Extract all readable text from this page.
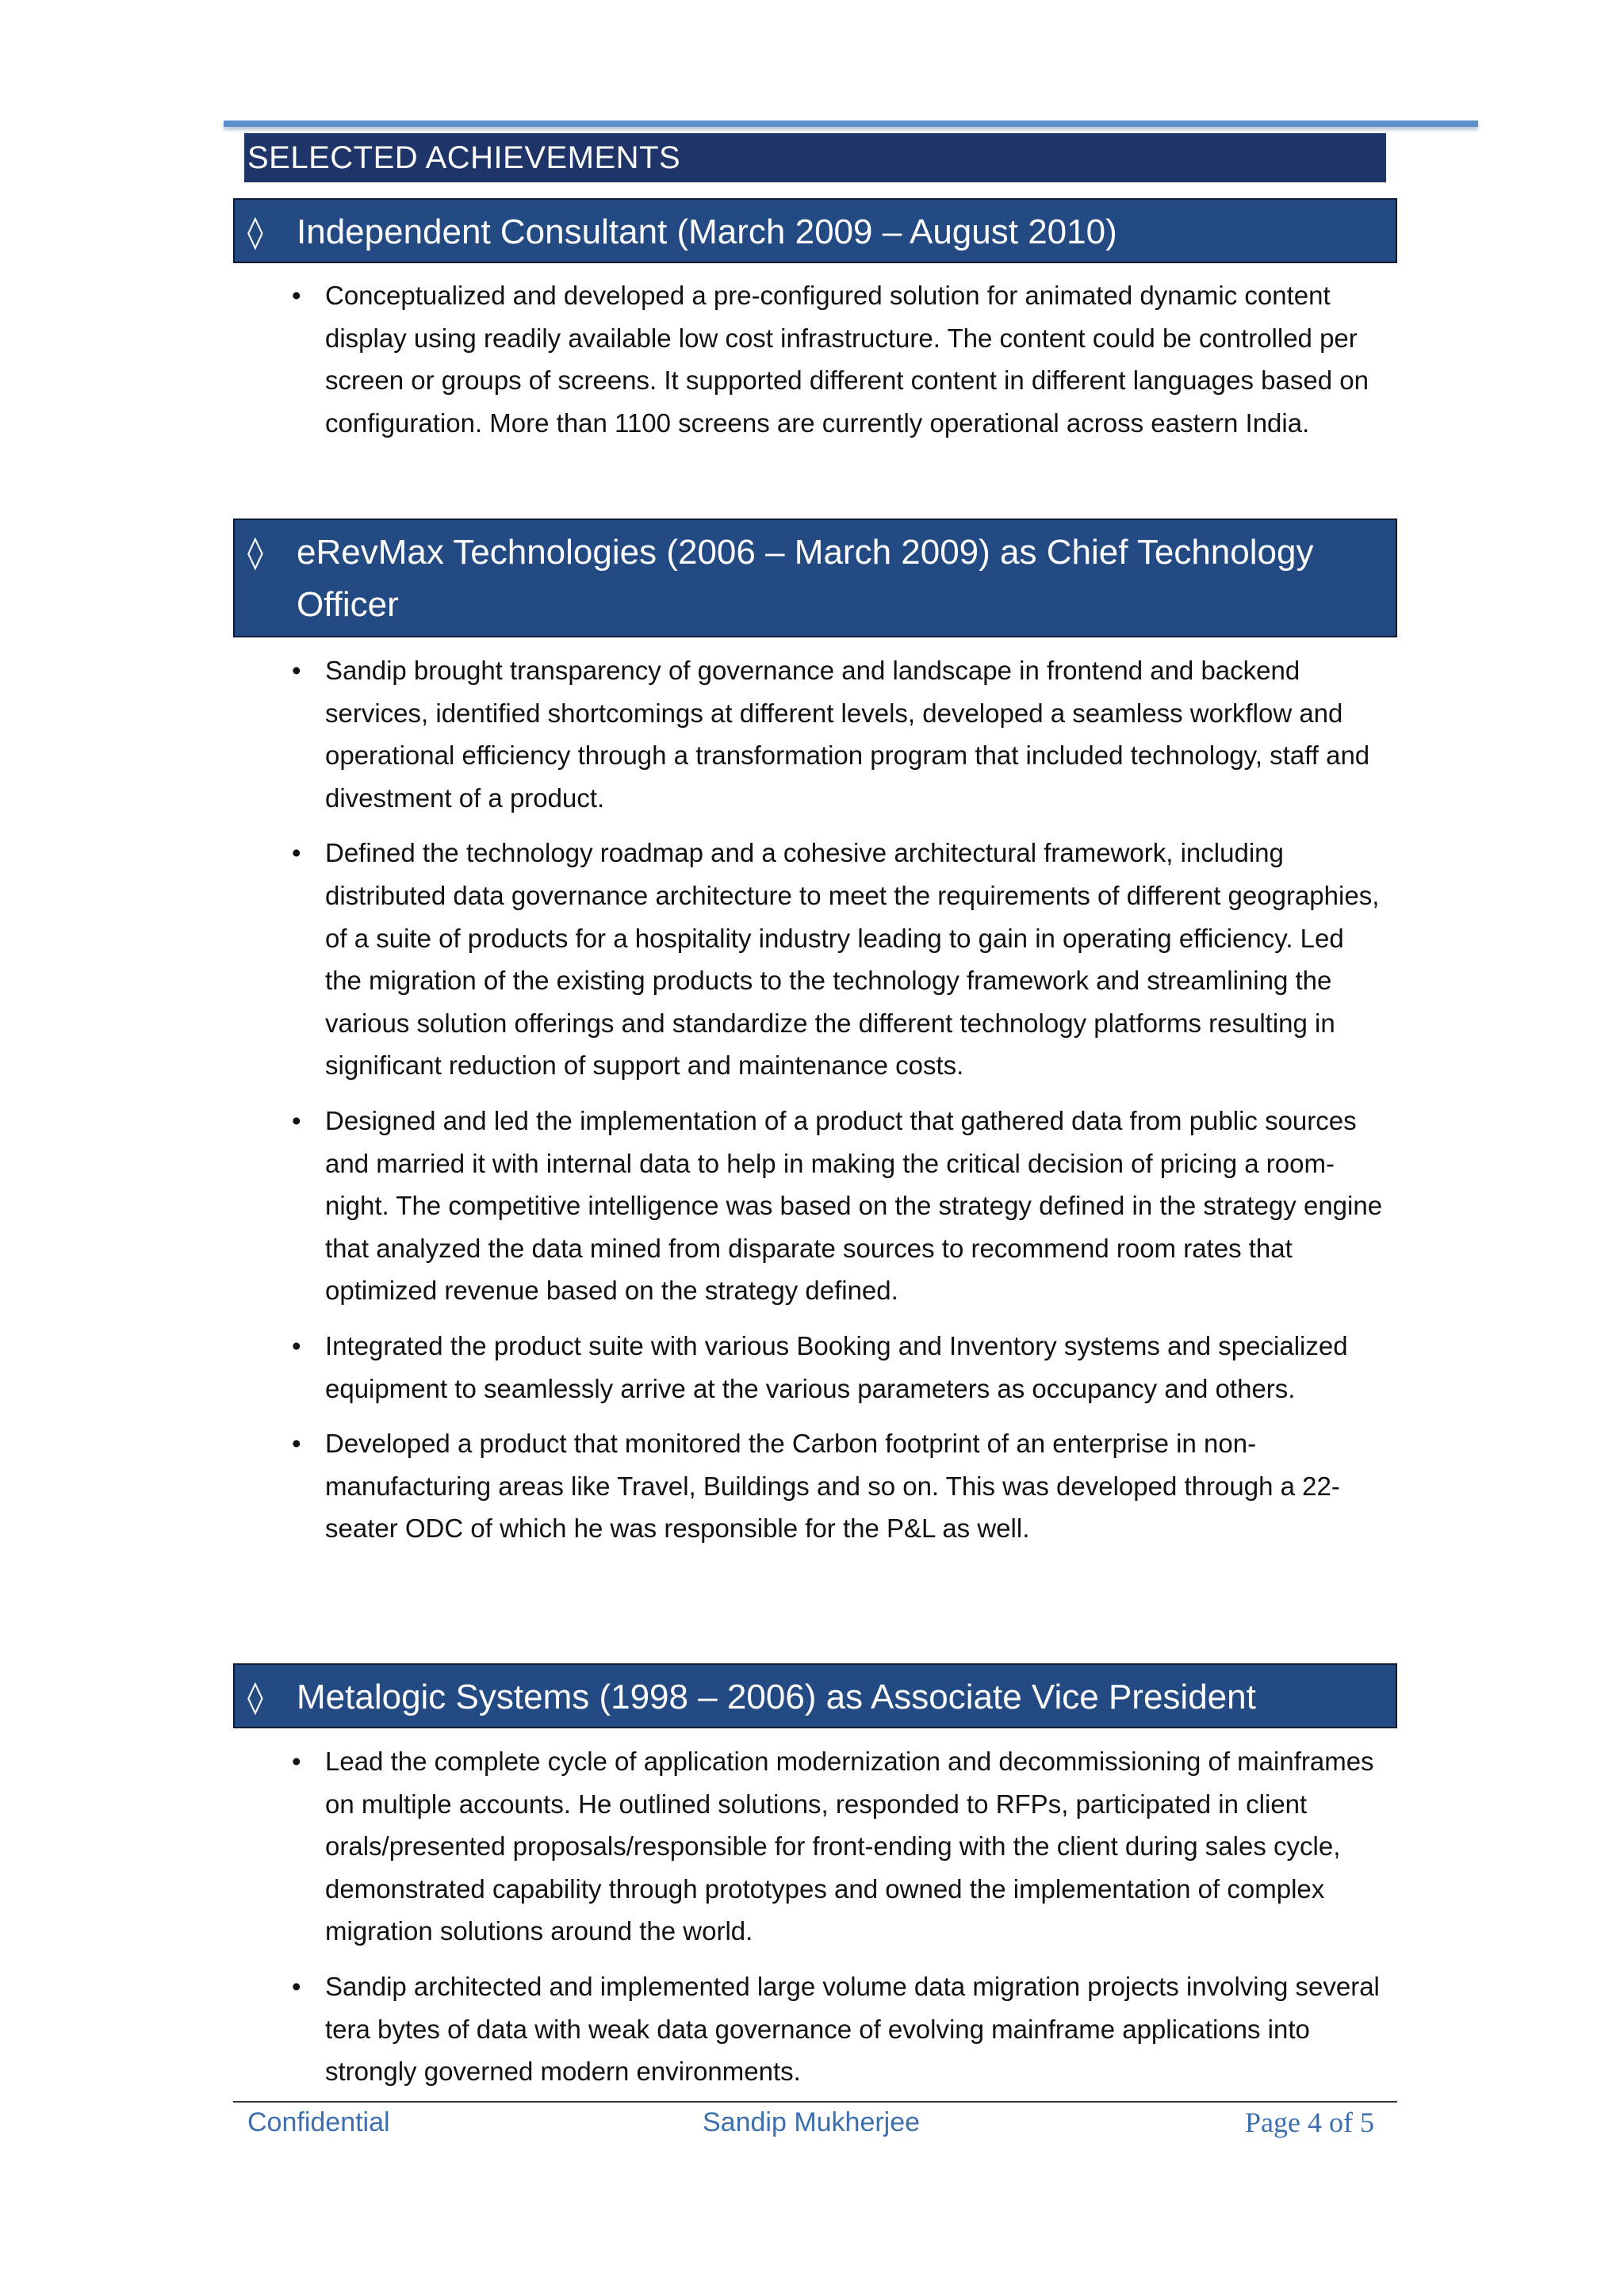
SELECTED ACHIEVEMENTS
◊ Independent Consultant (March 2009 – August 2010)
• Conceptualized and developed a pre-configured solution for animated dynamic content display using readily available low cost infrastructure. The content could be controlled per screen or groups of screens. It supported different content in different languages based on configuration. More than 1100 screens are currently operational across eastern India.
◊ eRevMax Technologies (2006 – March 2009) as Chief Technology Officer
• Sandip brought transparency of governance and landscape in frontend and backend services, identified shortcomings at different levels, developed a seamless workflow and operational efficiency through a transformation program that included technology, staff and divestment of a product.
• Defined the technology roadmap and a cohesive architectural framework, including distributed data governance architecture to meet the requirements of different geographies, of a suite of products for a hospitality industry leading to gain in operating efficiency. Led the migration of the existing products to the technology framework and streamlining the various solution offerings and standardize the different technology platforms resulting in significant reduction of support and maintenance costs.
• Designed and led the implementation of a product that gathered data from public sources and married it with internal data to help in making the critical decision of pricing a room-night. The competitive intelligence was based on the strategy defined in the strategy engine that analyzed the data mined from disparate sources to recommend room rates that optimized revenue based on the strategy defined.
• Integrated the product suite with various Booking and Inventory systems and specialized equipment to seamlessly arrive at the various parameters as occupancy and others.
• Developed a product that monitored the Carbon footprint of an enterprise in non-manufacturing areas like Travel, Buildings and so on. This was developed through a 22-seater ODC of which he was responsible for the P&L as well.
◊ Metalogic Systems (1998 – 2006) as Associate Vice President
• Lead the complete cycle of application modernization and decommissioning of mainframes on multiple accounts. He outlined solutions, responded to RFPs, participated in client orals/presented proposals/responsible for front-ending with the client during sales cycle, demonstrated capability through prototypes and owned the implementation of complex migration solutions around the world.
• Sandip architected and implemented large volume data migration projects involving several tera bytes of data with weak data governance of evolving mainframe applications into strongly governed modern environments.
Confidential	Sandip Mukherjee	Page 4 of 5
